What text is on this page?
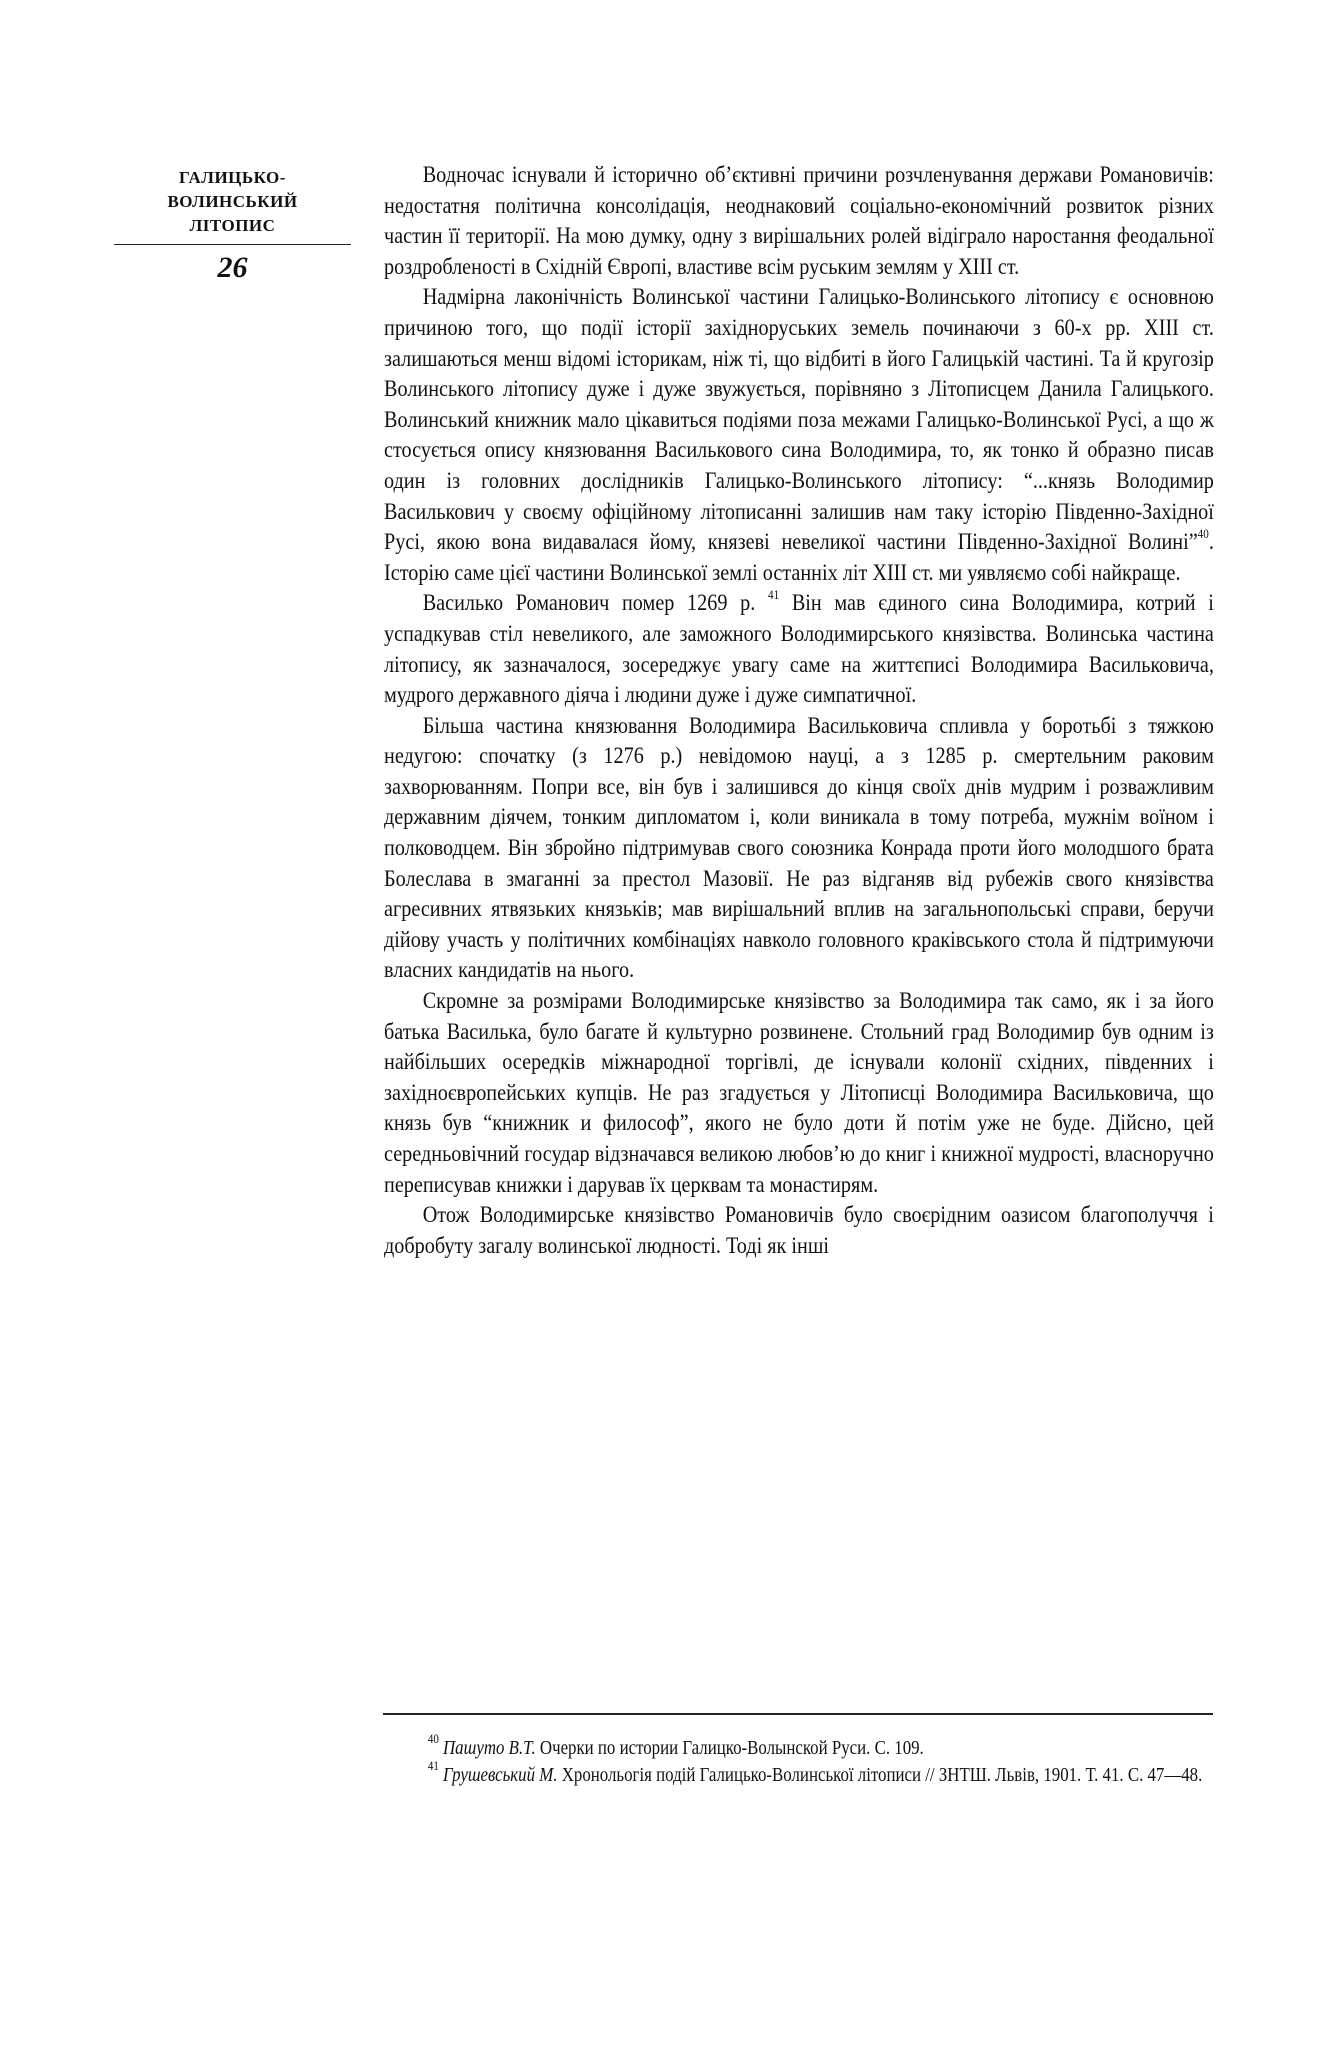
ГАЛИЦЬКО-
ВОЛИНСЬКИЙ
ЛІТОПИС
26

Водночас існували й історично об’єктивні причини розчленування держави Романовичів: недостатня політична консолідація, неоднаковий соціально-економічний розвиток різних частин її території. На мою думку, одну з вирішальних ролей відіграло наростання феодальної роздробленості в Східній Європі, властиве всім руським землям у XIII ст.

Надмірна лаконічність Волинської частини Галицько-Волинського літопису є основною причиною того, що події історії західноруських земель починаючи з 60-х рр. XIII ст. залишаються менш відомі історикам, ніж ті, що відбиті в його Галицькій частині. Та й кругозір Волинського літопису дуже і дуже звужується, порівняно з Літописцем Данила Галицького. Волинський книжник мало цікавиться подіями поза межами Галицько-Волинської Русі, а що ж стосується опису князювання Василькового сина Володимира, то, як тонко й образно писав один із головних дослідників Галицько-Волинського літопису: “...князь Володимир Василькович у своєму офіційному літописанні залишив нам таку історію Південно-Західної Русі, якою вона видавалася йому, князеві невеликої частини Південно-Західної Волині”$^{40}$. Історію саме цієї частини Волинської землі останніх літ XIII ст. ми уявляємо собі найкраще.

Василько Романович помер 1269 р. $^{41}$ Він мав єдиного сина Володимира, котрий і успадкував стіл невеликого, але заможного Володимирського князівства. Волинська частина літопису, як зазначалося, зосереджує увагу саме на життєписі Володимира Васильковича, мудрого державного діяча і людини дуже і дуже симпатичної.

Більша частина князювання Володимира Васильковича спливла у боротьбі з тяжкою недугою: спочатку (з 1276 р.) невідомою науці, а з 1285 р. смертельним раковим захворюванням. Попри все, він був і залишився до кінця своїх днів мудрим і розважливим державним діячем, тонким дипломатом і, коли виникала в тому потреба, мужнім воїном і полководцем. Він збройно підтримував свого союзника Конрада проти його молодшого брата Болеслава в змаганні за престол Мазовії. Не раз відганяв від рубежів свого князівства агресивних ятвязьких князьків; мав вирішальний вплив на загальнопольські справи, беручи дійову участь у політичних комбінаціях навколо головного краківського стола й підтримуючи власних кандидатів на нього.

Скромне за розмірами Володимирське князівство за Володимира так само, як і за його батька Василька, було багате й культурно розвинене. Стольний град Володимир був одним із найбільших осередків міжнародної торгівлі, де існували колонії східних, південних і західноєвропейських купців. Не раз згадується у Літописці Володимира Васильковича, що князь був “книжник и философ”, якого не було доти й потім уже не буде. Дійсно, цей середньовічний государ відзначався великою любов’ю до книг і книжної мудрості, власноручно переписував книжки і дарував їх церквам та монастирям.

Отож Володимирське князівство Романовичів було своєрідним оазисом благополуччя і добробуту загалу волинської людності. Тоді як інші

$^{40}$ Пашуто В.Т. Очерки по истории Галицко-Волынской Руси. С. 109.

$^{41}$ Грушевський М. Хронольогія подій Галицько-Волинської літописи // ЗНТШ. Львів, 1901. Т. 41. С. 47—48.
